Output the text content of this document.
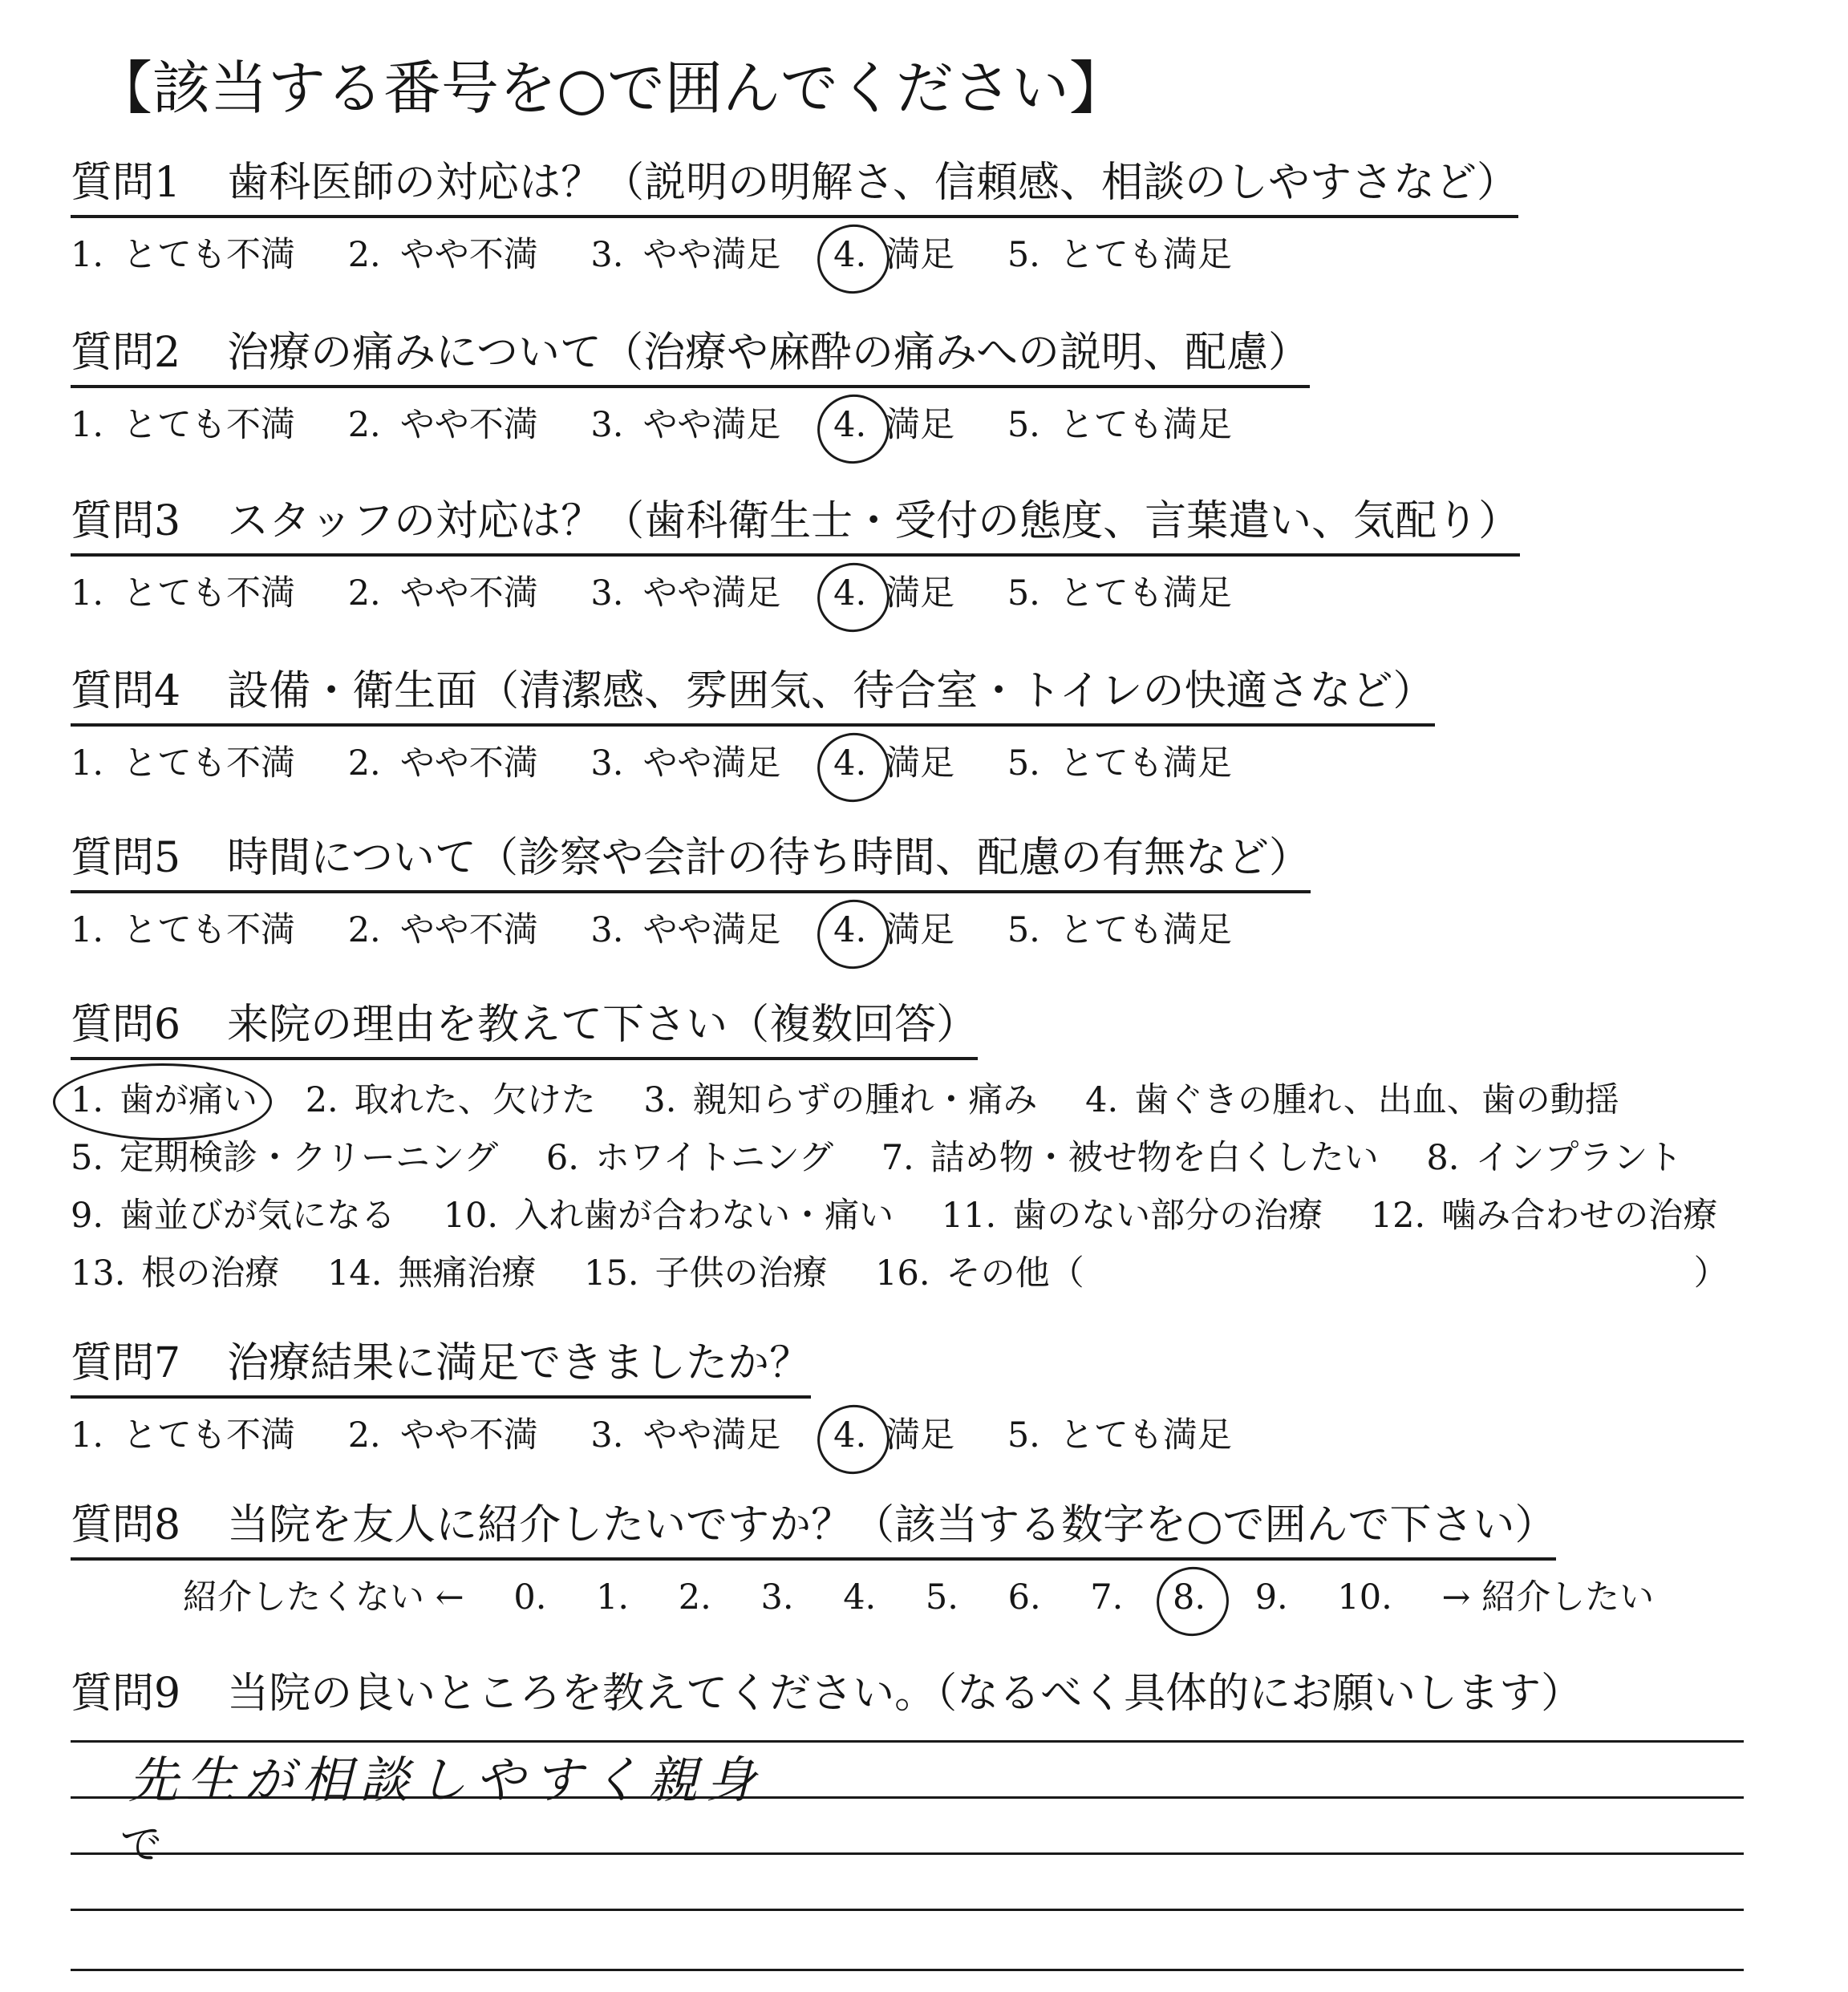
【該当する番号を○で囲んでください】
質問1 歯科医師の対応は？（説明の明解さ、信頼感、相談のしやすさなど）
1. とても不満 2. やや不満 3. やや満足 4. 満足 5. とても満足
質問2 治療の痛みについて（治療や麻酔の痛みへの説明、配慮）
1. とても不満 2. やや不満 3. やや満足 4. 満足 5. とても満足
質問3 スタッフの対応は？（歯科衛生士・受付の態度、言葉遣い、気配り）
1. とても不満 2. やや不満 3. やや満足 4. 満足 5. とても満足
質問4 設備・衛生面（清潔感、雰囲気、待合室・トイレの快適さなど）
1. とても不満 2. やや不満 3. やや満足 4. 満足 5. とても満足
質問5 時間について（診察や会計の待ち時間、配慮の有無など）
1. とても不満 2. やや不満 3. やや満足 4. 満足 5. とても満足
質問6 来院の理由を教えて下さい（複数回答）
1. 歯が痛い 2. 取れた、欠けた 3. 親知らずの腫れ・痛み 4. 歯ぐきの腫れ、出血、歯の動揺
5. 定期検診・クリーニング 6. ホワイトニング 7. 詰め物・被せ物を白くしたい 8. インプラント
9. 歯並びが気になる 10. 入れ歯が合わない・痛い 11. 歯のない部分の治療 12. 噛み合わせの治療
13. 根の治療 14. 無痛治療 15. 子供の治療 16. その他（	）
質問7 治療結果に満足できましたか？
1. とても不満 2. やや不満 3. やや満足 4. 満足 5. とても満足
質問8 当院を友人に紹介したいですか？（該当する数字を○で囲んで下さい）
紹介したくない ← 0. 1. 2. 3. 4. 5. 6. 7. 8. 9. 10. → 紹介したい
質問9 当院の良いところを教えてください。（なるべく具体的にお願いします）
先生が相談しやすく親身
で
